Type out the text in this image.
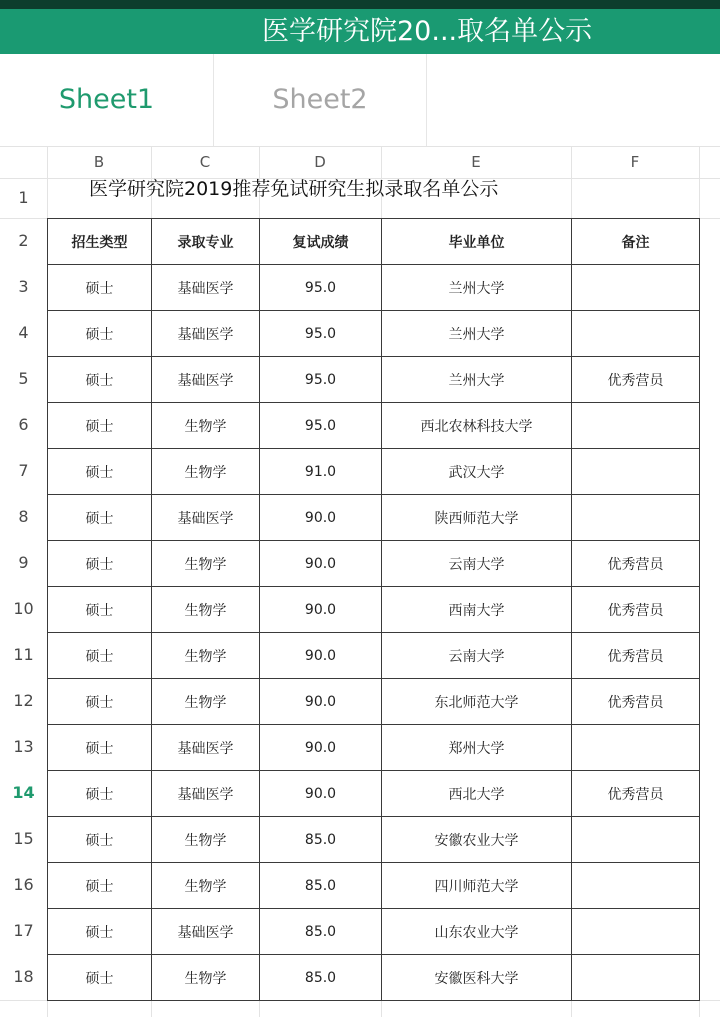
医学研究院20...取名单公示
Sheet1	Sheet2
B	C	D	E	F
1
2
3
4
5
6
7
8
9
10
11
12
13
14
15
16
17
18
医学研究院2019推荐免试研究生拟录取名单公示
招生类型	录取专业	复试成绩	毕业单位	备注
硕士	基础医学	95.0	兰州大学	
硕士	基础医学	95.0	兰州大学	
硕士	基础医学	95.0	兰州大学	优秀营员
硕士	生物学	95.0	西北农林科技大学	
硕士	生物学	91.0	武汉大学	
硕士	基础医学	90.0	陕西师范大学	
硕士	生物学	90.0	云南大学	优秀营员
硕士	生物学	90.0	西南大学	优秀营员
硕士	生物学	90.0	云南大学	优秀营员
硕士	生物学	90.0	东北师范大学	优秀营员
硕士	基础医学	90.0	郑州大学	
硕士	基础医学	90.0	西北大学	优秀营员
硕士	生物学	85.0	安徽农业大学	
硕士	生物学	85.0	四川师范大学	
硕士	基础医学	85.0	山东农业大学	
硕士	生物学	85.0	安徽医科大学	
